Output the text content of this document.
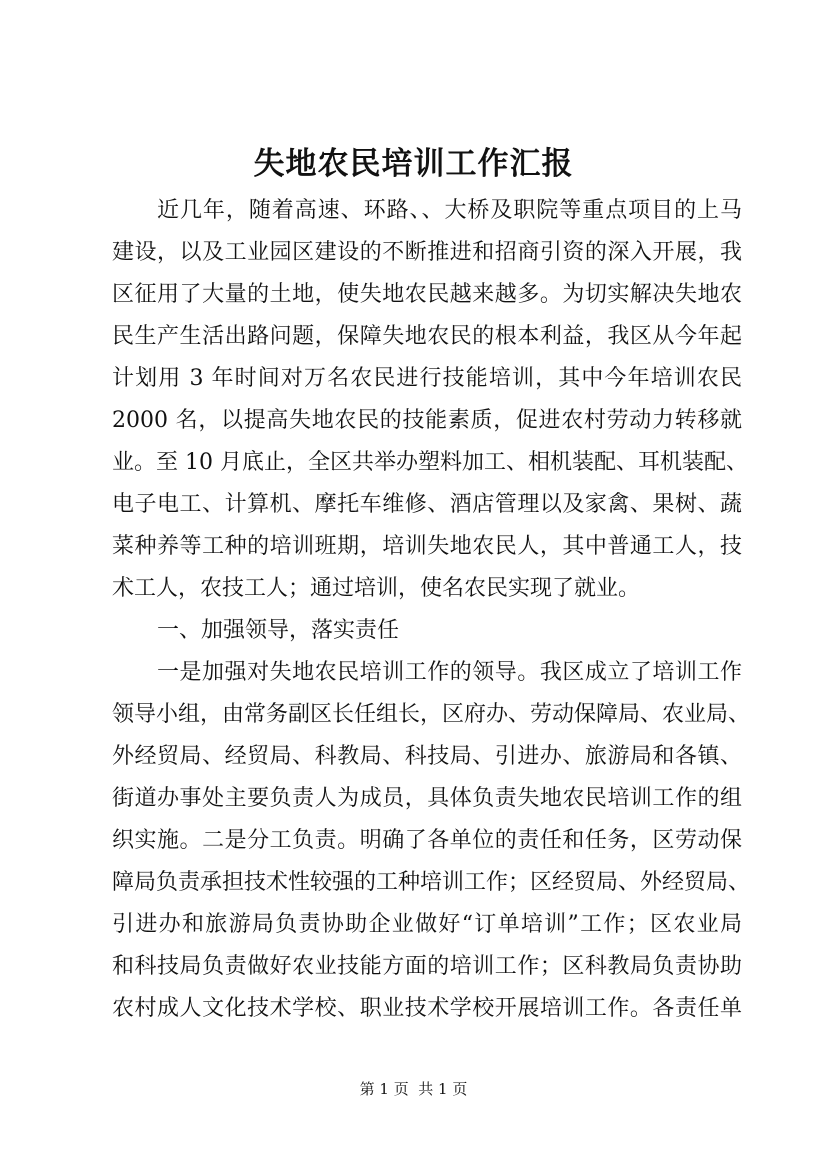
失地农民培训工作汇报
近几年，随着高速、环路、、大桥及职院等重点项目的上马
建设，以及工业园区建设的不断推进和招商引资的深入开展，我
区征用了大量的土地，使失地农民越来越多。为切实解决失地农
民生产生活出路问题，保障失地农民的根本利益，我区从今年起
计划用 3 年时间对万名农民进行技能培训，其中今年培训农民
2000 名，以提高失地农民的技能素质，促进农村劳动力转移就
业。至 10 月底止，全区共举办塑料加工、相机装配、耳机装配、
电子电工、计算机、摩托车维修、酒店管理以及家禽、果树、蔬
菜种养等工种的培训班期，培训失地农民人，其中普通工人，技
术工人，农技工人；通过培训，使名农民实现了就业。
一、加强领导，落实责任
一是加强对失地农民培训工作的领导。我区成立了培训工作
领导小组，由常务副区长任组长，区府办、劳动保障局、农业局、
外经贸局、经贸局、科教局、科技局、引进办、旅游局和各镇、
街道办事处主要负责人为成员，具体负责失地农民培训工作的组
织实施。二是分工负责。明确了各单位的责任和任务，区劳动保
障局负责承担技术性较强的工种培训工作；区经贸局、外经贸局、
引进办和旅游局负责协助企业做好“订单培训”工作；区农业局
和科技局负责做好农业技能方面的培训工作；区科教局负责协助
农村成人文化技术学校、职业技术学校开展培训工作。各责任单
第 1 页  共 1 页
